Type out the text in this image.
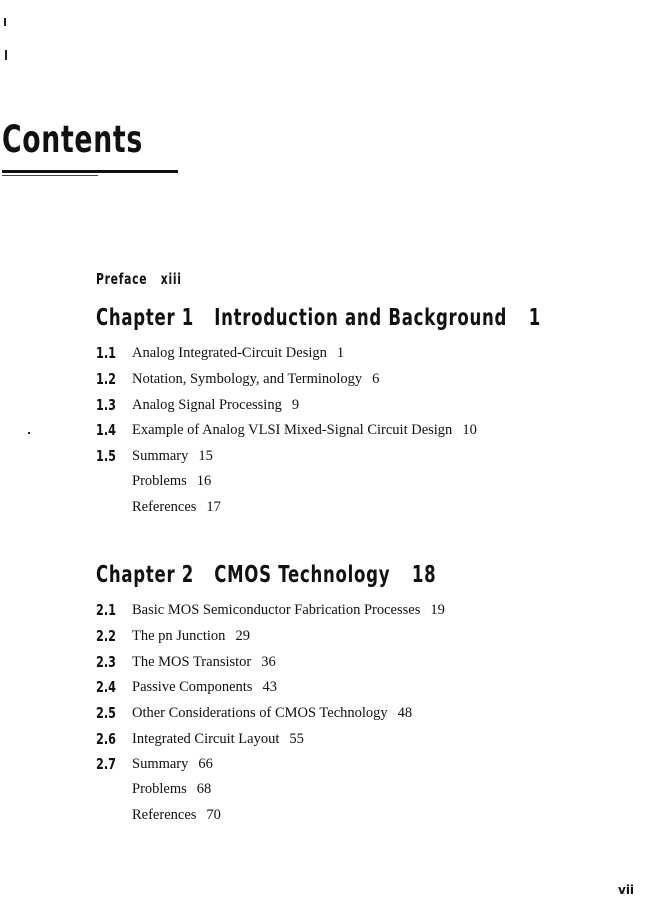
Contents
Preface xiii
Chapter 1 Introduction and Background 1
1.1 Analog Integrated-Circuit Design 1
1.2 Notation, Symbology, and Terminology 6
1.3 Analog Signal Processing 9
1.4 Example of Analog VLSI Mixed-Signal Circuit Design 10
1.5 Summary 15
Problems 16
References 17
Chapter 2 CMOS Technology 18
2.1 Basic MOS Semiconductor Fabrication Processes 19
2.2 The pn Junction 29
2.3 The MOS Transistor 36
2.4 Passive Components 43
2.5 Other Considerations of CMOS Technology 48
2.6 Integrated Circuit Layout 55
2.7 Summary 66
Problems 68
References 70
vii
